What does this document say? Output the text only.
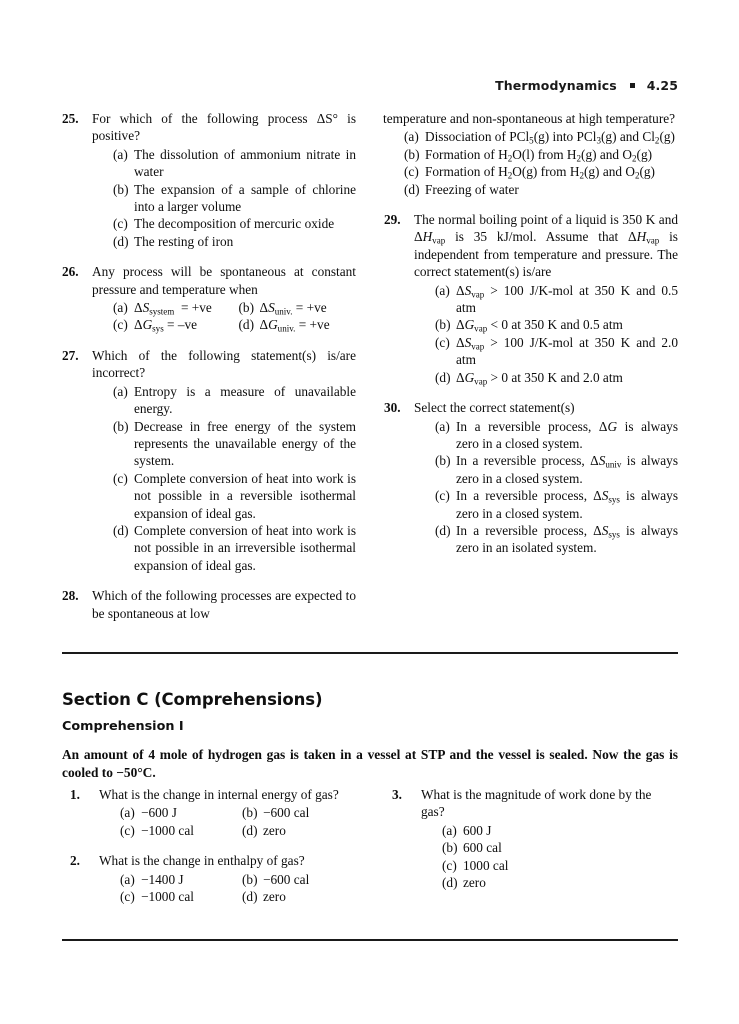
Thermodynamics 4.25
25.	For which of the following process ΔS° is positive?
(a) The dissolution of ammonium nitrate in water
(b) The expansion of a sample of chlorine into a larger volume
(c) The decomposition of mercuric oxide
(d) The resting of iron
26.	Any process will be spontaneous at constant pressure and temperature when
(a) $\Delta S_{system} = +ve$	(b) $\Delta S_{univ.} = +ve$
(c) $\Delta G_{sys} = -ve$	(d) $\Delta G_{univ.} = +ve$
27.	Which of the following statement(s) is/are incorrect?
(a) Entropy is a measure of unavailable energy.
(b) Decrease in free energy of the system represents the unavailable energy of the system.
(c) Complete conversion of heat into work is not possible in a reversible isothermal expansion of ideal gas.
(d) Complete conversion of heat into work is not possible in an irreversible isothermal expansion of ideal gas.
28.	Which of the following processes are expected to be spontaneous at low
temperature and non-spontaneous at high temperature?
(a) Dissociation of PCl$_5$(g) into PCl$_3$(g) and $Cl_2(g)$
(b) Formation of $H_2O(l)$ from $H_2(g)$ and $O_2(g)$
(c) Formation of $H_2O(g)$ from $H_2(g)$ and $O_2(g)$
(d) Freezing of water
29.	The normal boiling point of a liquid is 350 K and $\Delta H_{vap}$ is 35 kJ/mol. Assume that $\Delta H_{vap}$ is independent from temperature and pressure. The correct statement(s) is/are
(a) $\Delta S_{vap} > 100$ J/K-mol at 350 K and 0.5 atm
(b) $\Delta G_{vap} < 0$ at 350 K and 0.5 atm
(c) $\Delta S_{vap} > 100$ J/K-mol at 350 K and 2.0 atm
(d) $\Delta G_{vap} > 0$ at 350 K and 2.0 atm
30.	Select the correct statement(s)
(a) In a reversible process, ΔG is always zero in a closed system.
(b) In a reversible process, $\Delta S_{univ}$ is always zero in a closed system.
(c) In a reversible process, $\Delta S_{sys}$ is always zero in a closed system.
(d) In a reversible process, $\Delta S_{sys}$ is always zero in an isolated system.
Section C (Comprehensions)
Comprehension I
An amount of 4 mole of hydrogen gas is taken in a vessel at STP and the vessel is sealed. Now the gas is cooled to −50°C.
1.	What is the change in internal energy of gas?
(a) −600 J	(b) −600 cal
(c) −1000 cal	(d) zero
2.	What is the change in enthalpy of gas?
(a) −1400 J	(b) −600 cal
(c) −1000 cal	(d) zero
3.	What is the magnitude of work done by the gas?
(a) 600 J
(b) 600 cal
(c) 1000 cal
(d) zero
